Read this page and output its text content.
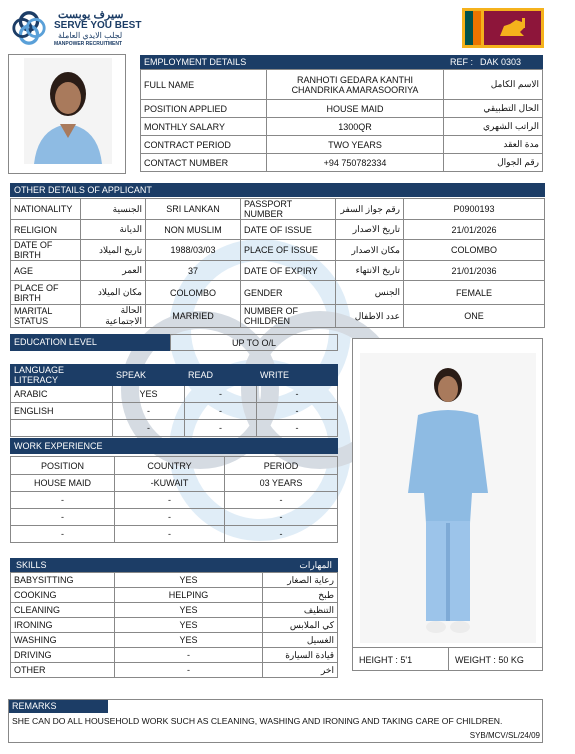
سيرف يوبست
SERVE YOU BEST
لجلب الايدي العاملة
MANPOWER RECRUITMENT
EMPLOYMENT DETAILS	REF : DAK 0303
FULL NAME	RANHOTI GEDARA KANTHI CHANDRIKA AMARASOORIYA	الاسم الكامل
POSITION APPLIED	HOUSE MAID	الحال التطبيقي
MONTHLY SALARY	1300QR	الراتب الشهري
CONTRACT PERIOD	TWO YEARS	مدة العقد
CONTACT NUMBER	+94 750782334	رقم الجوال
OTHER DETAILS OF APPLICANT
NATIONALITY	الجنسية	SRI LANKAN	PASSPORT NUMBER	رقم جواز السفر	P0900193
RELIGION	الديانة	NON MUSLIM	DATE OF ISSUE	تاريخ الاصدار	21/01/2026
DATE OF BIRTH	تاريخ الميلاد	1988/03/03	PLACE OF ISSUE	مكان الاصدار	COLOMBO
AGE	العمر	37	DATE OF EXPIRY	تاريخ الانتهاء	21/01/2036
PLACE OF BIRTH	مكان الميلاد	COLOMBO	GENDER	الجنس	FEMALE
MARITAL STATUS	الحالة الاجتماعية	MARRIED	NUMBER OF CHILDREN	عدد الاطفال	ONE
EDUCATION LEVEL	UP TO O/L
LANGUAGE LITERACY	SPEAK	READ	WRITE
ARABIC	YES	-	-
ENGLISH	-	-	-
	-	-	-
WORK EXPERIENCE
POSITION	COUNTRY	PERIOD
HOUSE MAID	-KUWAIT	03 YEARS
-	-	-
-	-	-
-	-	-
SKILLS	المهارات
BABYSITTING	YES	رعاية الصغار
COOKING	HELPING	طبخ
CLEANING	YES	التنظيف
IRONING	YES	كي الملابس
WASHING	YES	الغسيل
DRIVING	-	قيادة السيارة
OTHER	-	اخر
HEIGHT : 5'1	WEIGHT : 50 KG
REMARKS
SHE CAN DO ALL HOUSEHOLD WORK SUCH AS CLEANING, WASHING AND IRONING AND TAKING CARE OF CHILDREN.
SYB/MCV/SL/24/09
